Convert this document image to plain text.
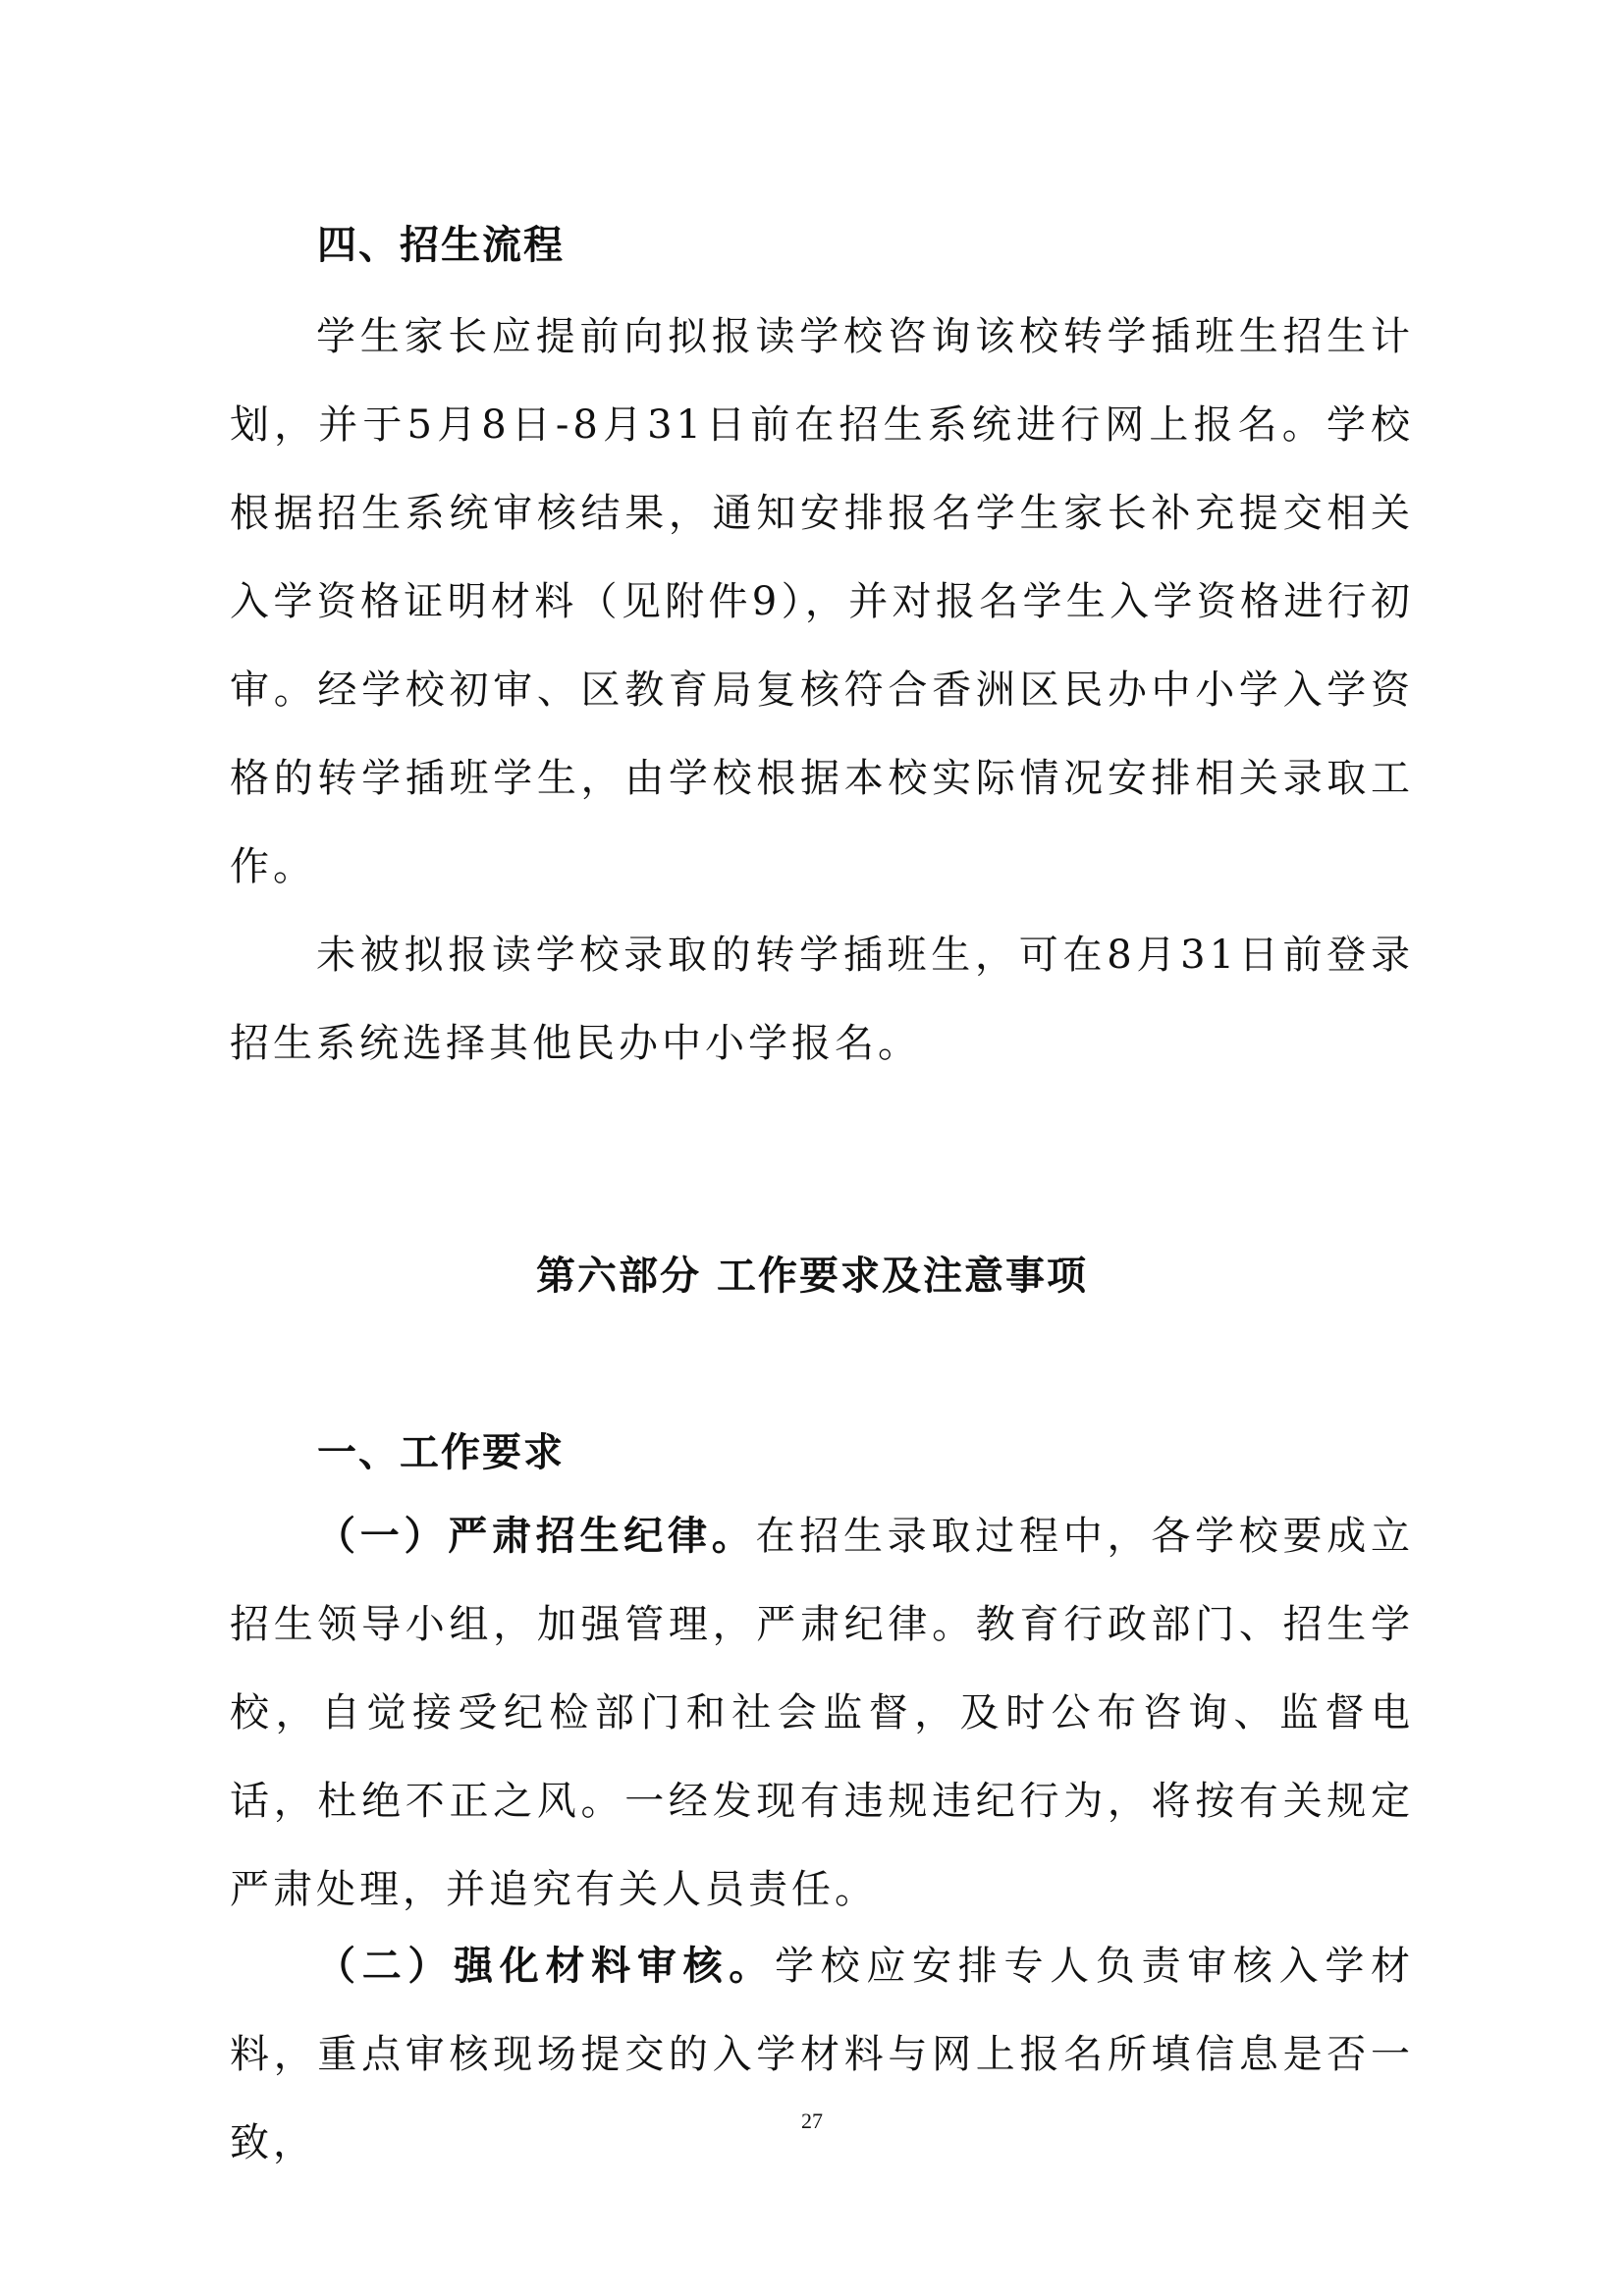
四、招生流程

学生家长应提前向拟报读学校咨询该校转学插班生招生计划，并于5月8日-8月31日前在招生系统进行网上报名。学校根据招生系统审核结果，通知安排报名学生家长补充提交相关入学资格证明材料（见附件9），并对报名学生入学资格进行初审。经学校初审、区教育局复核符合香洲区民办中小学入学资格的转学插班学生，由学校根据本校实际情况安排相关录取工作。

未被拟报读学校录取的转学插班生，可在8月31日前登录招生系统选择其他民办中小学报名。

第六部分 工作要求及注意事项
一、工作要求

（一）严肃招生纪律。在招生录取过程中，各学校要成立招生领导小组，加强管理，严肃纪律。教育行政部门、招生学校，自觉接受纪检部门和社会监督，及时公布咨询、监督电话，杜绝不正之风。一经发现有违规违纪行为，将按有关规定严肃处理，并追究有关人员责任。

（二）强化材料审核。学校应安排专人负责审核入学材料，重点审核现场提交的入学材料与网上报名所填信息是否一致，	27
